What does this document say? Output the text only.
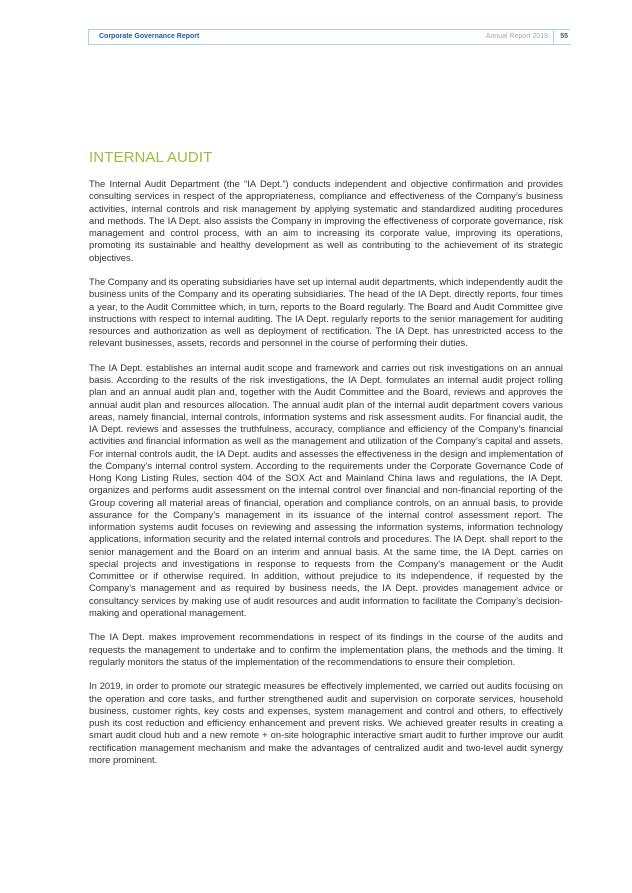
Corporate Governance Report	Annual Report 2019 55
INTERNAL AUDIT

The Internal Audit Department (the “IA Dept.”) conducts independent and objective confirmation and provides consulting services in respect of the appropriateness, compliance and effectiveness of the Company’s business activities, internal controls and risk management by applying systematic and standardized auditing procedures and methods. The IA Dept. also assists the Company in improving the effectiveness of corporate governance, risk management and control process, with an aim to increasing its corporate value, improving its operations, promoting its sustainable and healthy development as well as contributing to the achievement of its strategic objectives.

The Company and its operating subsidiaries have set up internal audit departments, which independently audit the business units of the Company and its operating subsidiaries. The head of the IA Dept. directly reports, four times a year, to the Audit Committee which, in turn, reports to the Board regularly. The Board and Audit Committee give instructions with respect to internal auditing. The IA Dept. regularly reports to the senior management for auditing resources and authorization as well as deployment of rectification. The IA Dept. has unrestricted access to the relevant businesses, assets, records and personnel in the course of performing their duties.

The IA Dept. establishes an internal audit scope and framework and carries out risk investigations on an annual basis. According to the results of the risk investigations, the IA Dept. formulates an internal audit project rolling plan and an annual audit plan and, together with the Audit Committee and the Board, reviews and approves the annual audit plan and resources allocation. The annual audit plan of the internal audit department covers various areas, namely financial, internal controls, information systems and risk assessment audits. For financial audit, the IA Dept. reviews and assesses the truthfulness, accuracy, compliance and efficiency of the Company’s financial activities and financial information as well as the management and utilization of the Company’s capital and assets. For internal controls audit, the IA Dept. audits and assesses the effectiveness in the design and implementation of the Company’s internal control system. According to the requirements under the Corporate Governance Code of Hong Kong Listing Rules, section 404 of the SOX Act and Mainland China laws and regulations, the IA Dept. organizes and performs audit assessment on the internal control over financial and non-financial reporting of the Group covering all material areas of financial, operation and compliance controls, on an annual basis, to provide assurance for the Company’s management in its issuance of the internal control assessment report. The information systems audit focuses on reviewing and assessing the information systems, information technology applications, information security and the related internal controls and procedures. The IA Dept. shall report to the senior management and the Board on an interim and annual basis. At the same time, the IA Dept. carries on special projects and investigations in response to requests from the Company’s management or the Audit Committee or if otherwise required. In addition, without prejudice to its independence, if requested by the Company’s management and as required by business needs, the IA Dept. provides management advice or consultancy services by making use of audit resources and audit information to facilitate the Company’s decision-making and operational management.

The IA Dept. makes improvement recommendations in respect of its findings in the course of the audits and requests the management to undertake and to confirm the implementation plans, the methods and the timing. It regularly monitors the status of the implementation of the recommendations to ensure their completion.

In 2019, in order to promote our strategic measures be effectively implemented, we carried out audits focusing on the operation and core tasks, and further strengthened audit and supervision on corporate services, household business, customer rights, key costs and expenses, system management and control and others, to effectively push its cost reduction and efficiency enhancement and prevent risks. We achieved greater results in creating a smart audit cloud hub and a new remote + on-site holographic interactive smart audit to further improve our audit rectification management mechanism and make the advantages of centralized audit and two-level audit synergy more prominent.
